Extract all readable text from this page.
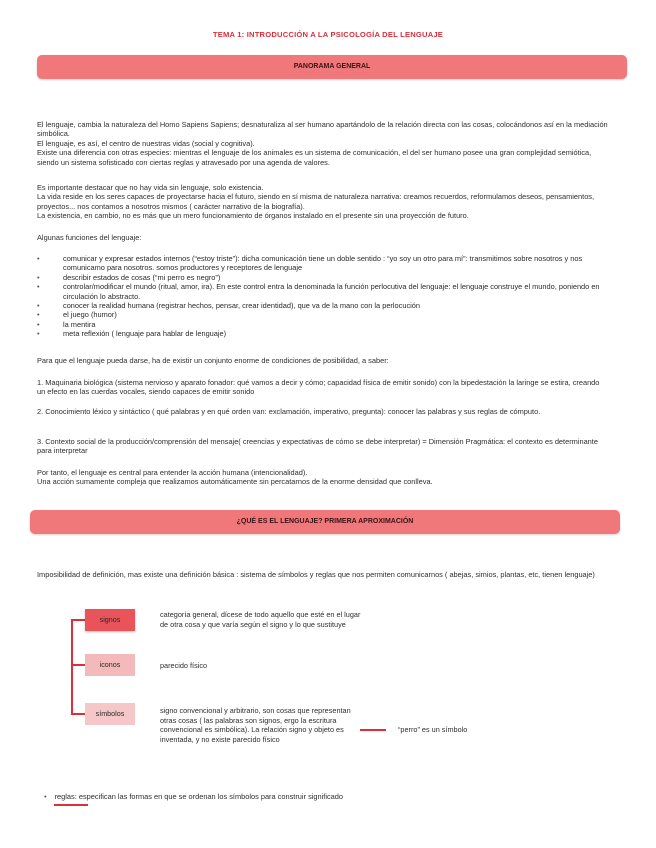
TEMA 1: INTRODUCCIÓN A LA PSICOLOGÍA DEL LENGUAJE
PANORAMA GENERAL

El lenguaje, cambia la naturaleza del Homo Sapiens Sapiens; desnaturaliza al ser humano apartándolo de la relación directa con las cosas, colocándonos así en la mediación simbólica.

El lenguaje, es así, el centro de nuestras vidas (social y cognitiva).

Existe una diferencia con otras especies: mientras el lenguaje de los animales es un sistema de comunicación, el del ser humano posee una gran complejidad semiótica, siendo un sistema sofisticado con ciertas reglas y atravesado por una agenda de valores.

Es importante destacar que no hay vida sin lenguaje, solo existencia.

La vida reside en los seres capaces de proyectarse hacia el futuro, siendo en sí misma de naturaleza narrativa: creamos recuerdos, reformulamos deseos, pensamientos, proyectos... nos contamos a nosotros mismos ( carácter narrativo de la biografía).

La existencia, en cambio, no es más que un mero funcionamiento de órganos instalado en el presente sin una proyección de futuro.

Algunas funciones del lenguaje:
• comunicar y expresar estados internos (“estoy triste”): dicha comunicación tiene un doble sentido : “yo soy un otro para mí”: transmitimos sobre nosotros y nos comunicamo para nosotros. somos productores y receptores de lenguaje
• describir estados de cosas (“mi perro es negro”)
• controlar/modificar el mundo (ritual, amor, ira). En este control entra la denominada la función perlocutiva del lenguaje: el lenguaje construye el mundo, poniendo en circulación lo abstracto.
• conocer la realidad humana (registrar hechos, pensar, crear identidad), que va de la mano con la perlocución
• el juego (humor)
• la mentira
• meta reflexión ( lenguaje para hablar de lenguaje)
Para que el lenguaje pueda darse, ha de existir un conjunto enorme de condiciones de posibilidad, a saber:
1. Maquinaria biológica (sistema nervioso y aparato fonador: qué vamos a decir y cómo; capacidad física de emitir sonido) con la bipedestación la laringe se estira, creando un efecto en las cuerdas vocales, siendo capaces de emitir sonido
2. Conocimiento léxico y sintáctico ( qué palabras y en qué orden van: exclamación, imperativo, pregunta): conocer las palabras y sus reglas de cómputo.
3. Contexto social de la producción/comprensión del mensaje( creencias y expectativas de cómo se debe interpretar) = Dimensión Pragmática: el contexto es determinante para interpretar

Por tanto, el lenguaje es central para entender la acción humana (intencionalidad).

Una acción sumamente compleja que realizamos automáticamente sin percatarnos de la enorme densidad que conlleva.

¿QUÉ ES EL LENGUAJE? PRIMERA APROXIMACIÓN
Imposibilidad de definición, mas existe una definición básica : sistema de símbolos y reglas que nos permiten comunicarnos ( abejas, simios, plantas, etc, tienen lenguaje)
signos
categoría general, dícese de todo aquello que esté en el lugar de otra cosa y que varía según el signo y lo que sustituye
iconos	parecido físico
símbolos	signo convencional y arbitrario, son cosas que representan otras cosas ( las palabras son signos, ergo la escritura convencional es simbólica). La relación signo y objeto es inventada, y no existe parecido físico
“perro” es un símbolo
• reglas: especifican las formas en que se ordenan los símbolos para construir significado
